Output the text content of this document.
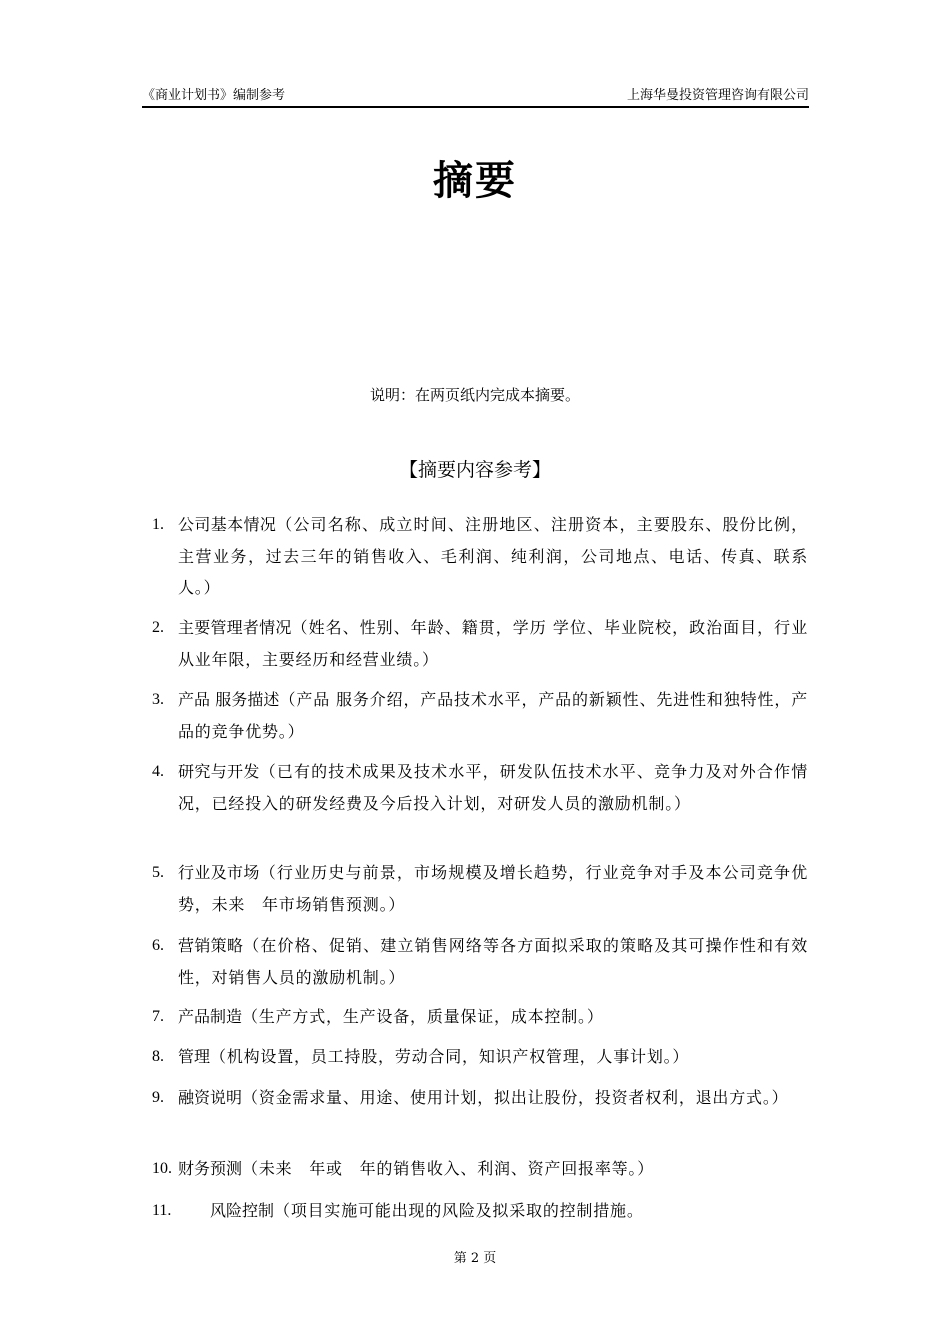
《商业计划书》编制参考	上海华曼投资管理咨询有限公司
摘要
说明：在两页纸内完成本摘要。
【摘要内容参考】
1. 公司基本情况（公司名称、成立时间、注册地区、注册资本，主要股东、股份比例，主营业务，过去三年的销售收入、毛利润、纯利润，公司地点、电话、传真、联系人。）
2. 主要管理者情况（姓名、性别、年龄、籍贯，学历 学位、毕业院校，政治面目，行业从业年限，主要经历和经营业绩。）
3. 产品 服务描述（产品 服务介绍，产品技术水平，产品的新颖性、先进性和独特性，产品的竞争优势。）
4. 研究与开发（已有的技术成果及技术水平，研发队伍技术水平、竞争力及对外合作情况，已经投入的研发经费及今后投入计划，对研发人员的激励机制。）
5. 行业及市场（行业历史与前景，市场规模及增长趋势，行业竞争对手及本公司竞争优势，未来　年市场销售预测。）
6. 营销策略（在价格、促销、建立销售网络等各方面拟采取的策略及其可操作性和有效性，对销售人员的激励机制。）
7. 产品制造（生产方式，生产设备，质量保证，成本控制。）
8. 管理（机构设置，员工持股，劳动合同，知识产权管理，人事计划。）
9. 融资说明（资金需求量、用途、使用计划，拟出让股份，投资者权利，退出方式。）
10. 财务预测（未来　年或　年的销售收入、利润、资产回报率等。）
11.	风险控制（项目实施可能出现的风险及拟采取的控制措施。
第 2 页
